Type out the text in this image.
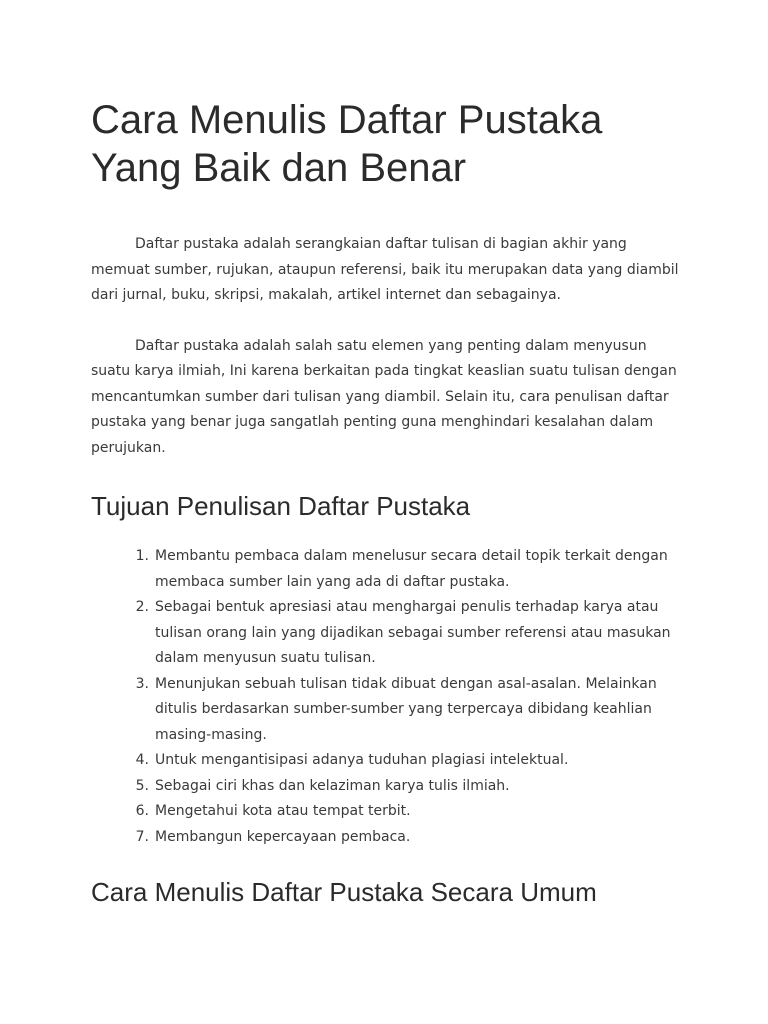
Cara Menulis Daftar Pustaka Yang Baik dan Benar

Daftar pustaka adalah serangkaian daftar tulisan di bagian akhir yang memuat sumber, rujukan, ataupun referensi, baik itu merupakan data yang diambil dari jurnal, buku, skripsi, makalah, artikel internet dan sebagainya.

Daftar pustaka adalah salah satu elemen yang penting dalam menyusun suatu karya ilmiah, Ini karena berkaitan pada tingkat keaslian suatu tulisan dengan mencantumkan sumber dari tulisan yang diambil. Selain itu, cara penulisan daftar pustaka yang benar juga sangatlah penting guna menghindari kesalahan dalam perujukan.

Tujuan Penulisan Daftar Pustaka
1. Membantu pembaca dalam menelusur secara detail topik terkait dengan membaca sumber lain yang ada di daftar pustaka.
2. Sebagai bentuk apresiasi atau menghargai penulis terhadap karya atau tulisan orang lain yang dijadikan sebagai sumber referensi atau masukan dalam menyusun suatu tulisan.
3. Menunjukan sebuah tulisan tidak dibuat dengan asal-asalan. Melainkan ditulis berdasarkan sumber-sumber yang terpercaya dibidang keahlian masing-masing.
4. Untuk mengantisipasi adanya tuduhan plagiasi intelektual.
5. Sebagai ciri khas dan kelaziman karya tulis ilmiah.
6. Mengetahui kota atau tempat terbit.
7. Membangun kepercayaan pembaca.
Cara Menulis Daftar Pustaka Secara Umum
